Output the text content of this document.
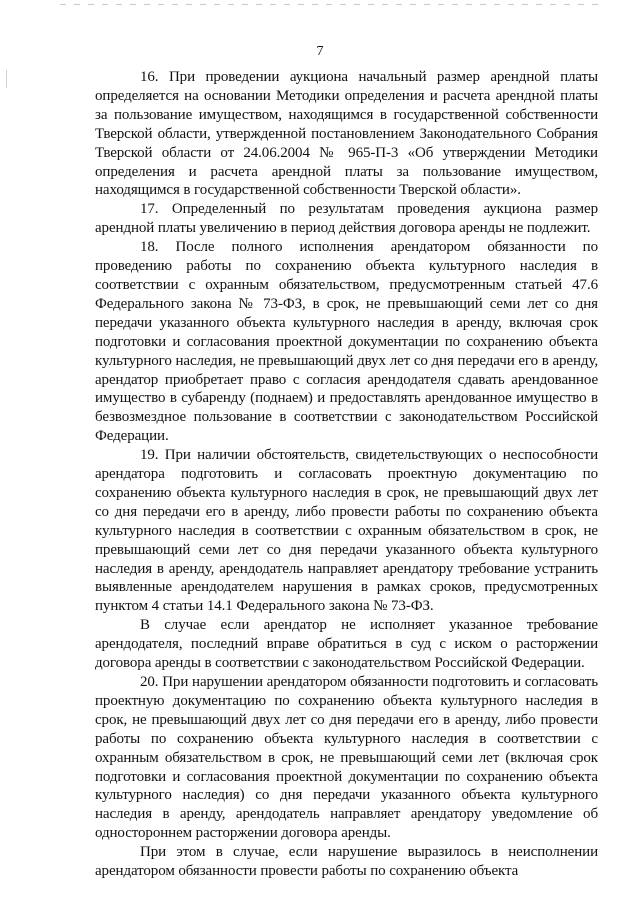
7

16. При проведении аукциона начальный размер арендной платы определяется на основании Методики определения и расчета арендной платы за пользование имуществом, находящимся в государственной собственности Тверской области, утвержденной постановлением Законодательного Собрания Тверской области от 24.06.2004 № 965-П-3 «Об утверждении Методики определения и расчета арендной платы за пользование имуществом, находящимся в государственной собственности Тверской области».

17. Определенный по результатам проведения аукциона размер арендной платы увеличению в период действия договора аренды не подлежит.

18. После полного исполнения арендатором обязанности по проведению работы по сохранению объекта культурного наследия в соответствии с охранным обязательством, предусмотренным статьей 47.6 Федерального закона № 73-ФЗ, в срок, не превышающий семи лет со дня передачи указанного объекта культурного наследия в аренду, включая срок подготовки и согласования проектной документации по сохранению объекта культурного наследия, не превышающий двух лет со дня передачи его в аренду, арендатор приобретает право с согласия арендодателя сдавать арендованное имущество в субаренду (поднаем) и предоставлять арендованное имущество в безвозмездное пользование в соответствии с законодательством Российской Федерации.

19. При наличии обстоятельств, свидетельствующих о неспособности арендатора подготовить и согласовать проектную документацию по сохранению объекта культурного наследия в срок, не превышающий двух лет со дня передачи его в аренду, либо провести работы по сохранению объекта культурного наследия в соответствии с охранным обязательством в срок, не превышающий семи лет со дня передачи указанного объекта культурного наследия в аренду, арендодатель направляет арендатору требование устранить выявленные арендодателем нарушения в рамках сроков, предусмотренных пунктом 4 статьи 14.1 Федерального закона № 73-ФЗ.

В случае если арендатор не исполняет указанное требование арендодателя, последний вправе обратиться в суд с иском о расторжении договора аренды в соответствии с законодательством Российской Федерации.

20. При нарушении арендатором обязанности подготовить и согласовать проектную документацию по сохранению объекта культурного наследия в срок, не превышающий двух лет со дня передачи его в аренду, либо провести работы по сохранению объекта культурного наследия в соответствии с охранным обязательством в срок, не превышающий семи лет (включая срок подготовки и согласования проектной документации по сохранению объекта культурного наследия) со дня передачи указанного объекта культурного наследия в аренду, арендодатель направляет арендатору уведомление об одностороннем расторжении договора аренды.

При этом в случае, если нарушение выразилось в неисполнении арендатором обязанности провести работы по сохранению объекта
